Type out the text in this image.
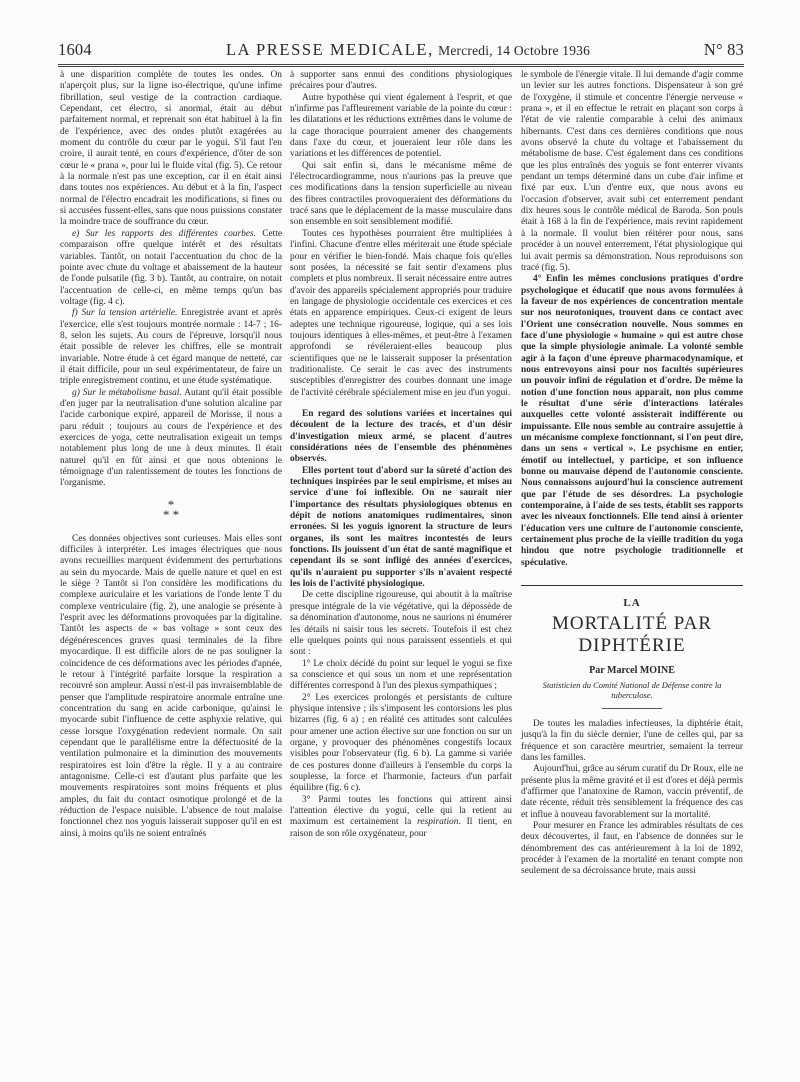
1604	LA PRESSE MEDICALE, Mercredi, 14 Octobre 1936	N° 83

à une disparition complète de toutes les ondes. On n'aperçoit plus, sur la ligne iso-électrique, qu'une infime fibrillation, seul vestige de la contraction cardiaque. Cependant, cet électro, si anormal, était au début parfaitement normal, et reprenait son état habituel à la fin de l'expérience, avec des ondes plutôt exagérées au moment du contrôle du cœur par le yogui. S'il faut l'en croire, il aurait tenté, en cours d'expérience, d'ôter de son cœur le « prana », pour lui le fluide vital (fig. 5). Ce retour à la normale n'est pas une exception, car il en était ainsi dans toutes nos expériences. Au début et à la fin, l'aspect normal de l'électro encadrait les modifications, si fines ou si accusées fussent-elles, sans que nous puissions constater la moindre trace de souffrance du cœur.

e) Sur les rapports des différentes courbes. Cette comparaison offre quelque intérêt et des résultats variables. Tantôt, on notait l'accentuation du choc de la pointe avec chute du voltage et abaissement de la hauteur de l'onde pulsatile (fig. 3 b). Tantôt, au contraire, on notait l'accentuation de celle-ci, en même temps qu'un bas voltage (fig. 4 c).

f) Sur la tension artérielle. Enregistrée avant et après l'exercice, elle s'est toujours montrée normale : 14-7 ; 16-8, selon les sujets. Au cours de l'épreuve, lorsqu'il nous était possible de relever les chiffres, elle se montrait invariable. Notre étude à cet égard manque de netteté, car il était difficile, pour un seul expérimentateur, de faire un triple enregistrement continu, et une étude systématique.

g) Sur le métabolisme basal. Autant qu'il était possible d'en juger par la neutralisation d'une solution alcaline par l'acide carbonique expiré, appareil de Morisse, il nous a paru réduit ; toujours au cours de l'expérience et des exercices de yoga, cette neutralisation exigeait un temps notablement plus long de une à deux minutes. Il était naturel qu'il en fût ainsi et que nous obtenions le témoignage d'un ralentissement de toutes les fonctions de l'organisme.

*
* *

Ces données objectives sont curieuses. Mais elles sont difficiles à interpréter. Les images électriques que nous avons recueillies marquent évidemment des perturbations au sein du myocarde. Mais de quelle nature et quel en est le siège ? Tantôt si l'on considère les modifications du complexe auriculaire et les variations de l'onde lente T du complexe ventriculaire (fig. 2), une analogie se présente à l'esprit avec les déformations provoquées par la digitaline. Tantôt les aspects de « bas voltage » sont ceux des dégénérescences graves quasi terminales de la fibre myocardique. Il est difficile alors de ne pas souligner la coïncidence de ces déformations avec les périodes d'apnée, le retour à l'intégrité parfaite lorsque la respiration a recouvré son ampleur. Aussi n'est-il pas invraisemblable de penser que l'amplitude respiratoire anormale entraîne une concentration du sang en acide carbonique, qu'ainsi le myocarde subit l'influence de cette asphyxie relative, qui cesse lorsque l'oxygénation redevient normale. On sait cependant que le parallélisme entre la défectuosité de la ventilation pulmonaire et la diminution des mouvements respiratoires est loin d'être la règle. Il y a au contraire antagonisme. Celle-ci est d'autant plus parfaite que les mouvements respiratoires sont moins fréquents et plus amples, du fait du contact osmotique prolongé et de la réduction de l'espace nuisible. L'absence de tout malaise fonctionnel chez nos yoguis laisserait supposer qu'il en est ainsi, à moins qu'ils ne soient entraînés

à supporter sans ennui des conditions physiologiques précaires pour d'autres.

Autre hypothèse qui vient également à l'esprit, et que n'infirme pas l'affleurement variable de la pointe du cœur : les dilatations et les réductions extrêmes dans le volume de la cage thoracique pourraient amener des changements dans l'axe du cœur, et joueraient leur rôle dans les variations et les différences de potentiel.

Qui sait enfin si, dans le mécanisme même de l'électrocardiogramme, nous n'aurions pas la preuve que ces modifications dans la tension superficielle au niveau des fibres contractiles provoqueraient des déformations du tracé sans que le déplacement de la masse musculaire dans son ensemble en soit sensiblement modifié.

Toutes ces hypothèses pourraient être multipliées à l'infini. Chacune d'entre elles mériterait une étude spéciale pour en vérifier le bien-fondé. Mais chaque fois qu'elles sont posées, la nécessité se fait sentir d'examens plus complets et plus nombreux. Il serait nécessaire entre autres d'avoir des appareils spécialement appropriés pour traduire en langage de physiologie occidentale ces exercices et ces états en apparence empiriques. Ceux-ci exigent de leurs adeptes une technique rigoureuse, logique, qui a ses lois toujours identiques à elles-mêmes, et peut-être à l'examen approfondi se révéleraient-elles beaucoup plus scientifiques que ne le laisserait supposer la présentation traditionaliste. Ce serait le cas avec des instruments susceptibles d'enregistrer des courbes donnant une image de l'activité cérébrale spécialement mise en jeu d'un yogui.

En regard des solutions variées et incertaines qui découlent de la lecture des tracés, et d'un désir d'investigation mieux armé, se placent d'autres considérations nées de l'ensemble des phénomènes observés.

Elles portent tout d'abord sur la sûreté d'action des techniques inspirées par le seul empirisme, et mises au service d'une foi inflexible. On ne saurait nier l'importance des résultats physiologiques obtenus en dépit de notions anatomiques rudimentaires, sinon erronées. Si les yoguis ignorent la structure de leurs organes, ils sont les maîtres incontestés de leurs fonctions. Ils jouissent d'un état de santé magnifique et cependant ils se sont infligé des années d'exercices, qu'ils n'auraient pu supporter s'ils n'avaient respecté les lois de l'activité physiologique.

De cette discipline rigoureuse, qui aboutit à la maîtrise presque intégrale de la vie végétative, qui la dépossède de sa dénomination d'autonome, nous ne saurions ni énumérer les détails ni saisir tous les secrets. Toutefois il est chez elle quelques points qui nous paraissent essentiels et qui sont :

1° Le choix décidé du point sur lequel le yogui se fixe sa conscience et qui sous un nom et une représentation différentes correspond à l'un des plexus sympathiques ;

2° Les exercices prolongés et persistants de culture physique intensive ; ils s'imposent les contorsions les plus bizarres (fig. 6 a) ; en réalité ces attitudes sont calculées pour amener une action élective sur une fonction ou sur un organe, y provoquer des phénomènes congestifs locaux visibles pour l'observateur (fig. 6 b). La gamme si variée de ces postures donne d'ailleurs à l'ensemble du corps la souplesse, la force et l'harmonie, facteurs d'un parfait équilibre (fig. 6 c).

3° Parmi toutes les fonctions qui attirent ainsi l'attention élective du yogui, celle qui la retient au maximum est certainement la respiration. Il tient, en raison de son rôle oxygénateur, pour

le symbole de l'énergie vitale. Il lui demande d'agir comme un levier sur les autres fonctions. Dispensateur à son gré de l'oxygène, il stimule et concentre l'énergie nerveuse « prana », et il en effectue le retrait en plaçant son corps à l'état de vie ralentie comparable à celui des animaux hibernants. C'est dans ces dernières conditions que nous avons observé la chute du voltage et l'abaissement du métabolisme de base. C'est également dans ces conditions que les plus entraînés des yoguis se font enterrer vivants pendant un temps déterminé dans un cube d'air infime et fixé par eux. L'un d'entre eux, que nous avons eu l'occasion d'observer, avait subi cet enterrement pendant dix heures sous le contrôle médical de Baroda. Son pouls était à 168 à la fin de l'expérience, mais revint rapidement à la normale. Il voulut bien réitérer pour nous, sans procéder à un nouvel enterrement, l'état physiologique qui lui avait permis sa démonstration. Nous reproduisons son tracé (fig. 5).

4° Enfin les mêmes conclusions pratiques d'ordre psychologique et éducatif que nous avons formulées à la faveur de nos expériences de concentration mentale sur nos neurotoniques, trouvent dans ce contact avec l'Orient une consécration nouvelle. Nous sommes en face d'une physiologie « humaine » qui est autre chose que la simple physiologie animale. La volonté semble agir à la façon d'une épreuve pharmacodynamique, et nous entrevoyons ainsi pour nos facultés supérieures un pouvoir infini de régulation et d'ordre. De même la notion d'une fonction nous apparaît, non plus comme le résultat d'une série d'interactions latérales auxquelles cette volonté assisterait indifférente ou impuissante. Elle nous semble au contraire assujettie à un mécanisme complexe fonctionnant, si l'on peut dire, dans un sens « vertical ». Le psychisme en entier, émotif ou intellectuel, y participe, et son influence bonne ou mauvaise dépend de l'autonomie consciente. Nous connaissons aujourd'hui la conscience autrement que par l'étude de ses désordres. La psychologie contemporaine, à l'aide de ses tests, établit ses rapports avec les niveaux fonctionnels. Elle tend ainsi à orienter l'éducation vers une culture de l'autonomie consciente, certainement plus proche de la vieille tradition du yoga hindou que notre psychologie traditionnelle et spéculative.

LA
MORTALITÉ PAR DIPHTÉRIE
Par Marcel MOINE
Statisticien du Comité National de Défense contre la tuberculose.

De toutes les maladies infectieuses, la diphtérie était, jusqu'à la fin du siècle dernier, l'une de celles qui, par sa fréquence et son caractère meurtrier, semaient la terreur dans les familles.

Aujourd'hui, grâce au sérum curatif du Dr Roux, elle ne présente plus la même gravité et il est d'ores et déjà permis d'affirmer que l'anatoxine de Ramon, vaccin préventif, de date récente, réduit très sensiblement la fréquence des cas et influe à nouveau favorablement sur la mortalité.

Pour mesurer en France les admirables résultats de ces deux découvertes, il faut, en l'absence de données sur le dénombrement des cas antérieurement à la loi de 1892, procéder à l'examen de la mortalité en tenant compte non seulement de sa décroissance brute, mais aussi
